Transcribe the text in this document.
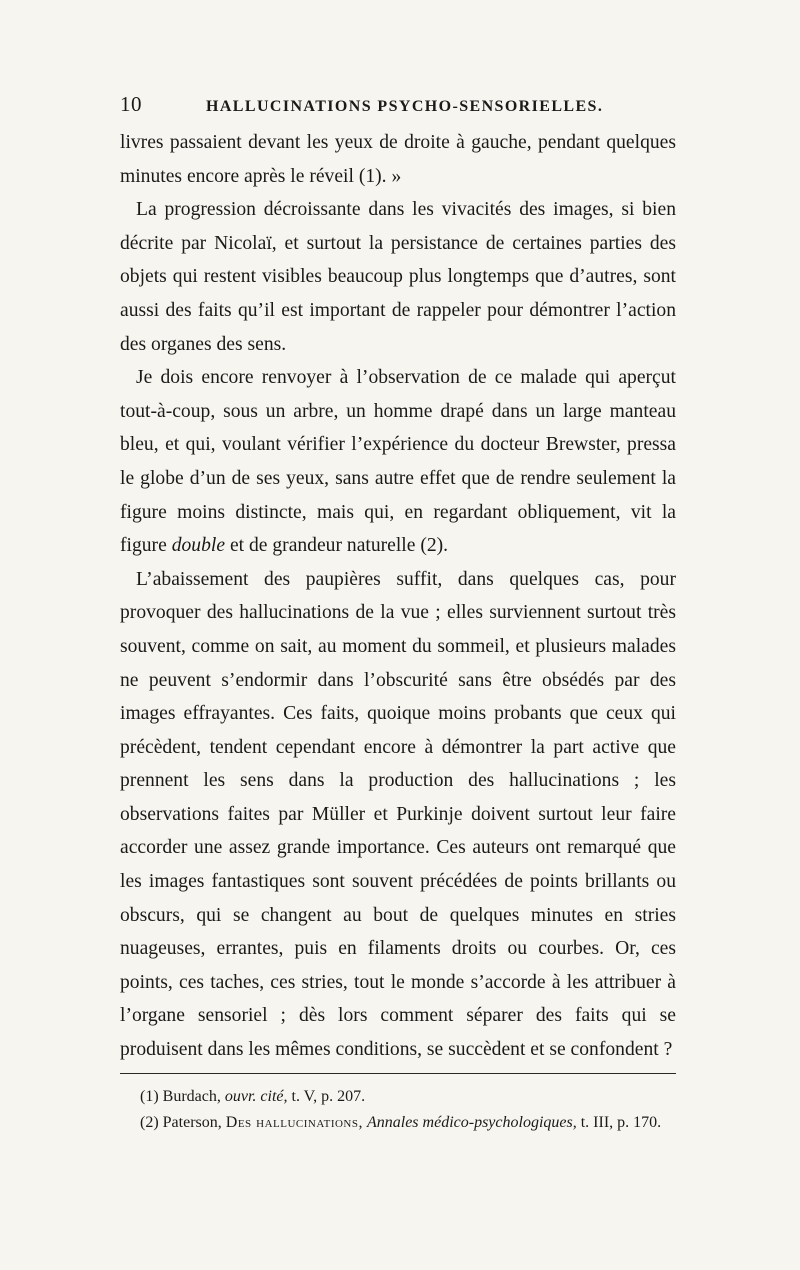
10	HALLUCINATIONS PSYCHO-SENSORIELLES.

livres passaient devant les yeux de droite à gauche, pendant quelques minutes encore après le réveil (1). »

La progression décroissante dans les vivacités des images, si bien décrite par Nicolaï, et surtout la persistance de certaines parties des objets qui restent visibles beaucoup plus longtemps que d’autres, sont aussi des faits qu’il est important de rappeler pour démontrer l’action des organes des sens.

Je dois encore renvoyer à l’observation de ce malade qui aperçut tout-à-coup, sous un arbre, un homme drapé dans un large manteau bleu, et qui, voulant vérifier l’expérience du docteur Brewster, pressa le globe d’un de ses yeux, sans autre effet que de rendre seulement la figure moins distincte, mais qui, en regardant obliquement, vit la figure double et de grandeur naturelle (2).

L’abaissement des paupières suffit, dans quelques cas, pour provoquer des hallucinations de la vue ; elles surviennent surtout très souvent, comme on sait, au moment du sommeil, et plusieurs malades ne peuvent s’endormir dans l’obscurité sans être obsédés par des images effrayantes. Ces faits, quoique moins probants que ceux qui précèdent, tendent cependant encore à démontrer la part active que prennent les sens dans la production des hallucinations ; les observations faites par Müller et Purkinje doivent surtout leur faire accorder une assez grande importance. Ces auteurs ont remarqué que les images fantastiques sont souvent précédées de points brillants ou obscurs, qui se changent au bout de quelques minutes en stries nuageuses, errantes, puis en filaments droits ou courbes. Or, ces points, ces taches, ces stries, tout le monde s’accorde à les attribuer à l’organe sensoriel ; dès lors comment séparer des faits qui se produisent dans les mêmes conditions, se succèdent et se confondent ?

(1) Burdach, ouvr. cité, t. V, p. 207.

(2) Paterson, Des hallucinations, Annales médico-psychologiques, t. III, p. 170.
